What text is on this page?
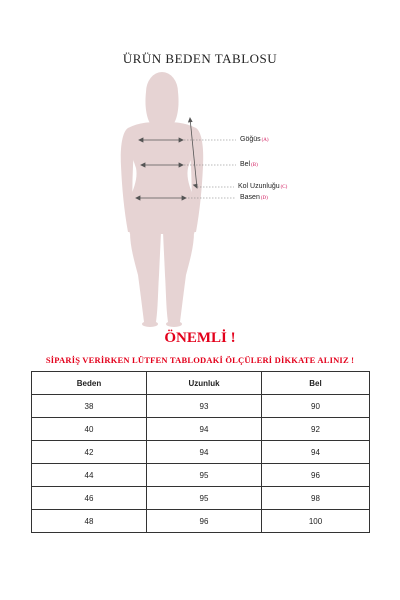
ÜRÜN BEDEN TABLOSU
Göğüs(A)
Bel(B)
Kol Uzunluğu(C)
Basen(D)
ÖNEMLİ !
SİPARİŞ VERİRKEN LÜTFEN TABLODAKİ ÖLÇÜLERİ DİKKATE ALINIZ !
Beden	Uzunluk	Bel
38	93	90
40	94	92
42	94	94
44	95	96
46	95	98
48	96	100
